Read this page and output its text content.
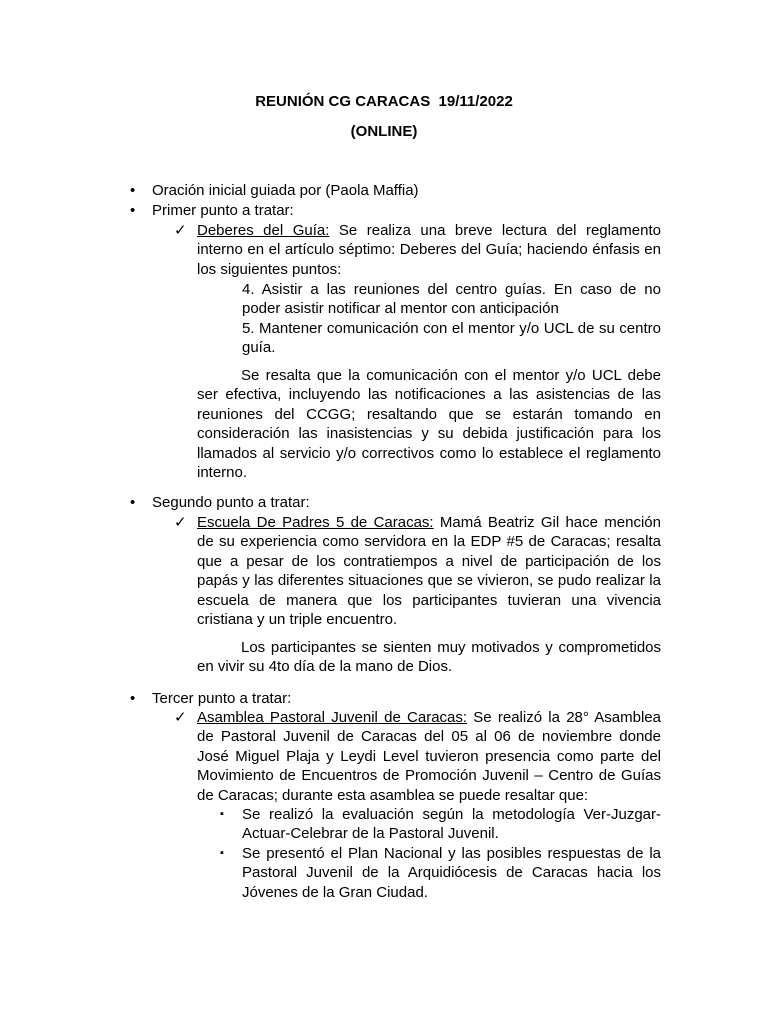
REUNIÓN CG CARACAS  19/11/2022
(ONLINE)
• Oración inicial guiada por (Paola Maffia)
• Primer punto a tratar:
✓ Deberes del Guía: Se realiza una breve lectura del reglamento
interno en el artículo séptimo: Deberes del Guía; haciendo énfasis en
los siguientes puntos:
4. Asistir a las reuniones del centro guías. En caso de no
poder asistir notificar al mentor con anticipación
5. Mantener comunicación con el mentor y/o UCL de su centro
guía.
Se resalta que la comunicación con el mentor y/o UCL debe
ser efectiva, incluyendo las notificaciones a las asistencias de las
reuniones del CCGG; resaltando que se estarán tomando en
consideración las inasistencias y su debida justificación para los
llamados al servicio y/o correctivos como lo establece el reglamento
interno.
• Segundo punto a tratar:
✓ Escuela De Padres 5 de Caracas: Mamá Beatriz Gil hace mención
de su experiencia como servidora en la EDP #5 de Caracas; resalta
que a pesar de los contratiempos a nivel de participación de los
papás y las diferentes situaciones que se vivieron, se pudo realizar la
escuela de manera que los participantes tuvieran una vivencia
cristiana y un triple encuentro.
Los participantes se sienten muy motivados y comprometidos
en vivir su 4to día de la mano de Dios.
• Tercer punto a tratar:
✓ Asamblea Pastoral Juvenil de Caracas: Se realizó la 28° Asamblea
de Pastoral Juvenil de Caracas del 05 al 06 de noviembre donde
José Miguel Plaja y Leydi Level tuvieron presencia como parte del
Movimiento de Encuentros de Promoción Juvenil – Centro de Guías
de Caracas; durante esta asamblea se puede resaltar que:
▪ Se realizó la evaluación según la metodología Ver-Juzgar-
Actuar-Celebrar de la Pastoral Juvenil.
▪ Se presentó el Plan Nacional y las posibles respuestas de la
Pastoral Juvenil de la Arquidiócesis de Caracas hacia los
Jóvenes de la Gran Ciudad.
